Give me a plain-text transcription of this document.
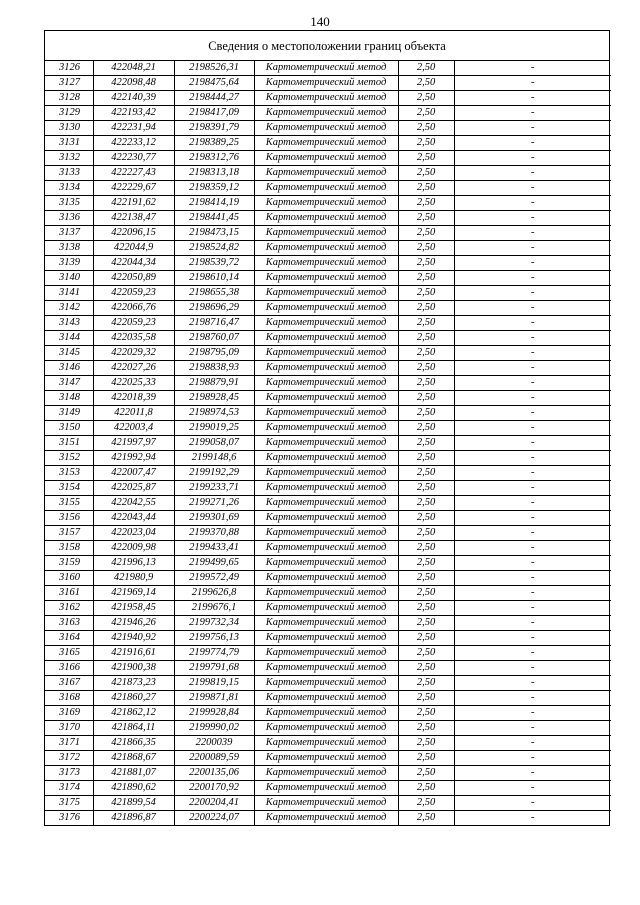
140
Сведения о местоположении границ объекта
3126	422048,21	2198526,31	Картометрический метод	2,50	-
3127	422098,48	2198475,64	Картометрический метод	2,50	-
3128	422140,39	2198444,27	Картометрический метод	2,50	-
3129	422193,42	2198417,09	Картометрический метод	2,50	-
3130	422231,94	2198391,79	Картометрический метод	2,50	-
3131	422233,12	2198389,25	Картометрический метод	2,50	-
3132	422230,77	2198312,76	Картометрический метод	2,50	-
3133	422227,43	2198313,18	Картометрический метод	2,50	-
3134	422229,67	2198359,12	Картометрический метод	2,50	-
3135	422191,62	2198414,19	Картометрический метод	2,50	-
3136	422138,47	2198441,45	Картометрический метод	2,50	-
3137	422096,15	2198473,15	Картометрический метод	2,50	-
3138	422044,9	2198524,82	Картометрический метод	2,50	-
3139	422044,34	2198539,72	Картометрический метод	2,50	-
3140	422050,89	2198610,14	Картометрический метод	2,50	-
3141	422059,23	2198655,38	Картометрический метод	2,50	-
3142	422066,76	2198696,29	Картометрический метод	2,50	-
3143	422059,23	2198716,47	Картометрический метод	2,50	-
3144	422035,58	2198760,07	Картометрический метод	2,50	-
3145	422029,32	2198795,09	Картометрический метод	2,50	-
3146	422027,26	2198838,93	Картометрический метод	2,50	-
3147	422025,33	2198879,91	Картометрический метод	2,50	-
3148	422018,39	2198928,45	Картометрический метод	2,50	-
3149	422011,8	2198974,53	Картометрический метод	2,50	-
3150	422003,4	2199019,25	Картометрический метод	2,50	-
3151	421997,97	2199058,07	Картометрический метод	2,50	-
3152	421992,94	2199148,6	Картометрический метод	2,50	-
3153	422007,47	2199192,29	Картометрический метод	2,50	-
3154	422025,87	2199233,71	Картометрический метод	2,50	-
3155	422042,55	2199271,26	Картометрический метод	2,50	-
3156	422043,44	2199301,69	Картометрический метод	2,50	-
3157	422023,04	2199370,88	Картометрический метод	2,50	-
3158	422009,98	2199433,41	Картометрический метод	2,50	-
3159	421996,13	2199499,65	Картометрический метод	2,50	-
3160	421980,9	2199572,49	Картометрический метод	2,50	-
3161	421969,14	2199626,8	Картометрический метод	2,50	-
3162	421958,45	2199676,1	Картометрический метод	2,50	-
3163	421946,26	2199732,34	Картометрический метод	2,50	-
3164	421940,92	2199756,13	Картометрический метод	2,50	-
3165	421916,61	2199774,79	Картометрический метод	2,50	-
3166	421900,38	2199791,68	Картометрический метод	2,50	-
3167	421873,23	2199819,15	Картометрический метод	2,50	-
3168	421860,27	2199871,81	Картометрический метод	2,50	-
3169	421862,12	2199928,84	Картометрический метод	2,50	-
3170	421864,11	2199990,02	Картометрический метод	2,50	-
3171	421866,35	2200039	Картометрический метод	2,50	-
3172	421868,67	2200089,59	Картометрический метод	2,50	-
3173	421881,07	2200135,06	Картометрический метод	2,50	-
3174	421890,62	2200170,92	Картометрический метод	2,50	-
3175	421899,54	2200204,41	Картометрический метод	2,50	-
3176	421896,87	2200224,07	Картометрический метод	2,50	-
